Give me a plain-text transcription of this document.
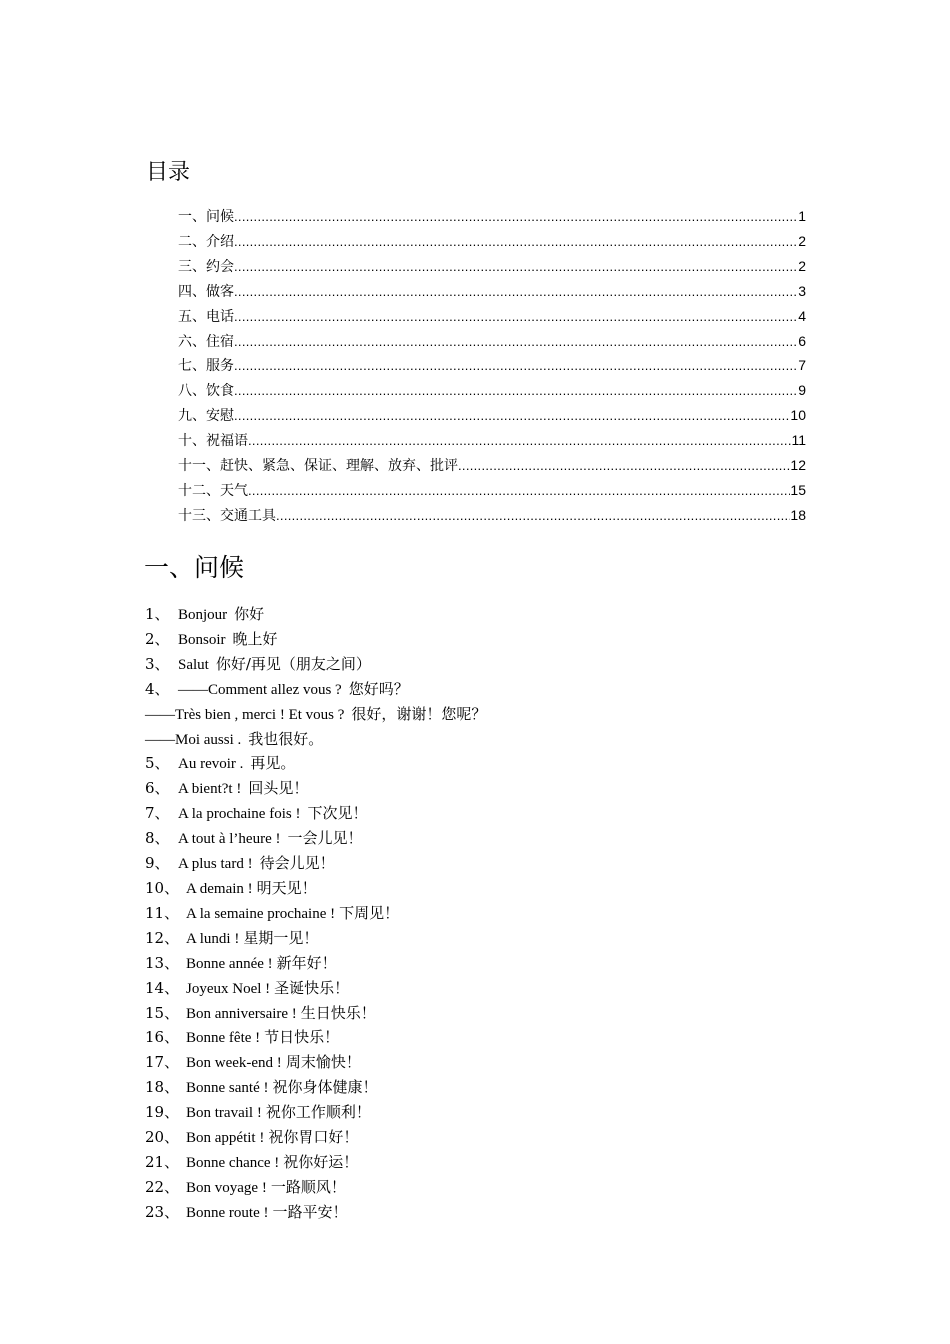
目录
一、问候 .....	1
二、介绍 .....	2
三、约会 .....	2
四、做客 .....	3
五、电话 .....	4
六、住宿 .....	6
七、服务 .....	7
八、饮食 .....	9
九、安慰 .....	10
十、祝福语 .....	11
十一、赶快、紧急、保证、理解、放弃、批评 .....	12
十二、天气 .....	15
十三、交通工具 .....	18
一、问候
1、 Bonjour 你好
2、 Bonsoir 晚上好
3、 Salut 你好/再见（朋友之间）
4、 ——Comment allez vous ? 您好吗？
——Très bien , merci ! Et vous ? 很好，谢谢！您呢？
——Moi aussi . 我也很好。
5、 Au revoir . 再见。
6、 A bient?t ! 回头见！
7、 A la prochaine fois ! 下次见！
8、 A tout à l’heure ! 一会儿见！
9、 A plus tard ! 待会儿见！
10、 A demain ! 明天见！
11、 A la semaine prochaine ! 下周见！
12、 A lundi ! 星期一见！
13、 Bonne année ! 新年好！
14、 Joyeux Noel ! 圣诞快乐！
15、 Bon anniversaire ! 生日快乐！
16、 Bonne fête ! 节日快乐！
17、 Bon week-end ! 周末愉快！
18、 Bonne santé ! 祝你身体健康！
19、 Bon travail ! 祝你工作顺利！
20、 Bon appétit ! 祝你胃口好！
21、 Bonne chance ! 祝你好运！
22、 Bon voyage ! 一路顺风！
23、 Bonne route ! 一路平安！
